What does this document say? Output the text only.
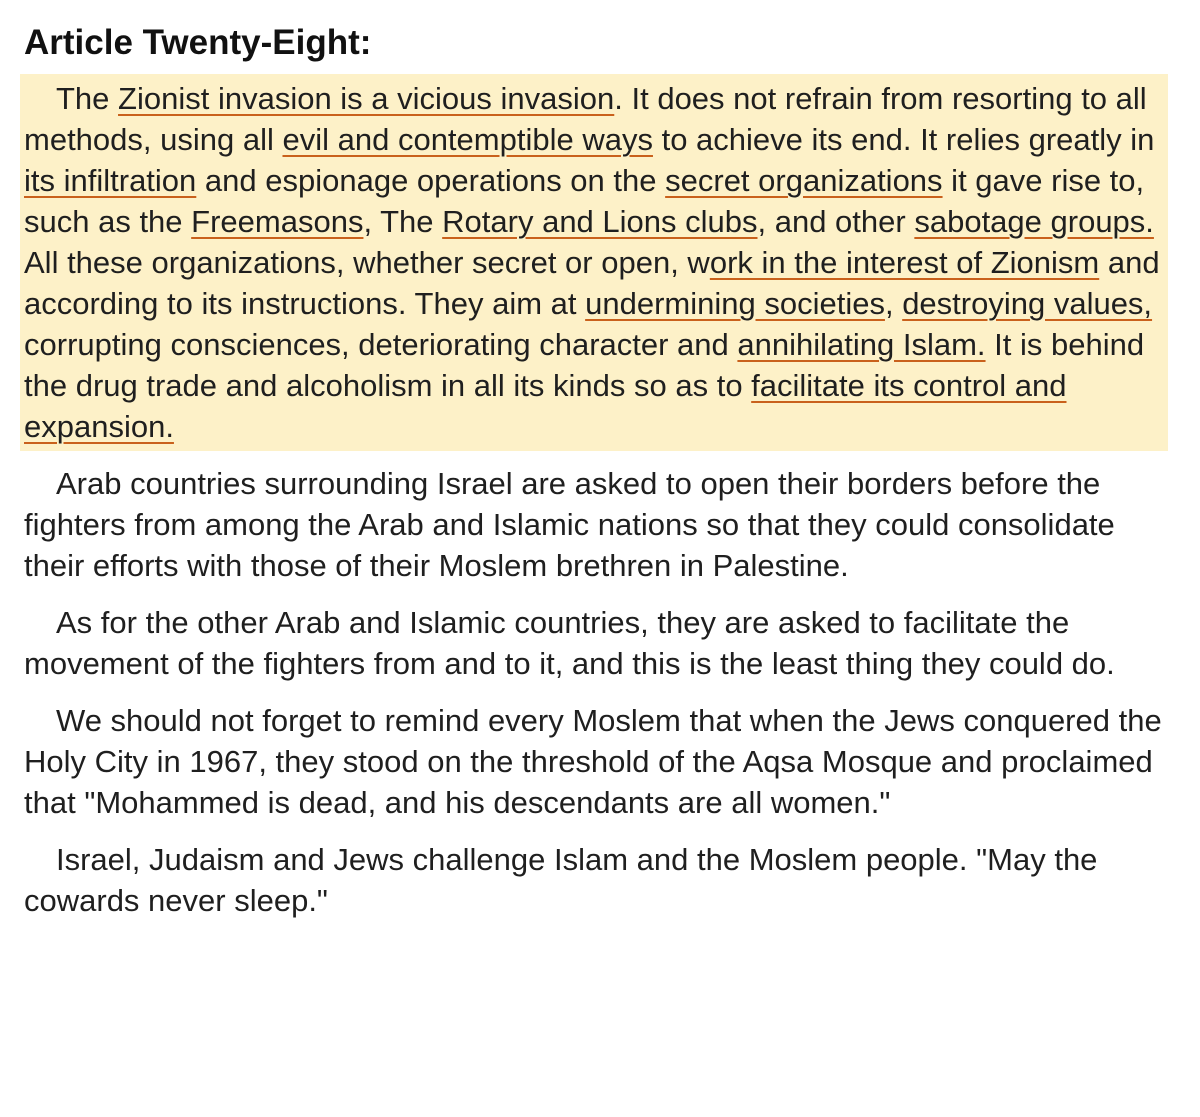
Article Twenty-Eight:

The Zionist invasion is a vicious invasion. It does not refrain from resorting to all methods, using all evil and contemptible ways to achieve its end. It relies greatly in its infiltration and espionage operations on the secret organizations it gave rise to, such as the Freemasons, The Rotary and Lions clubs, and other sabotage groups. All these organizations, whether secret or open, work in the interest of Zionism and according to its instructions. They aim at undermining societies, destroying values, corrupting consciences, deteriorating character and annihilating Islam. It is behind the drug trade and alcoholism in all its kinds so as to facilitate its control and expansion.

Arab countries surrounding Israel are asked to open their borders before the fighters from among the Arab and Islamic nations so that they could consolidate their efforts with those of their Moslem brethren in Palestine.

As for the other Arab and Islamic countries, they are asked to facilitate the movement of the fighters from and to it, and this is the least thing they could do.

We should not forget to remind every Moslem that when the Jews conquered the Holy City in 1967, they stood on the threshold of the Aqsa Mosque and proclaimed that "Mohammed is dead, and his descendants are all women."

Israel, Judaism and Jews challenge Islam and the Moslem people. "May the cowards never sleep."
